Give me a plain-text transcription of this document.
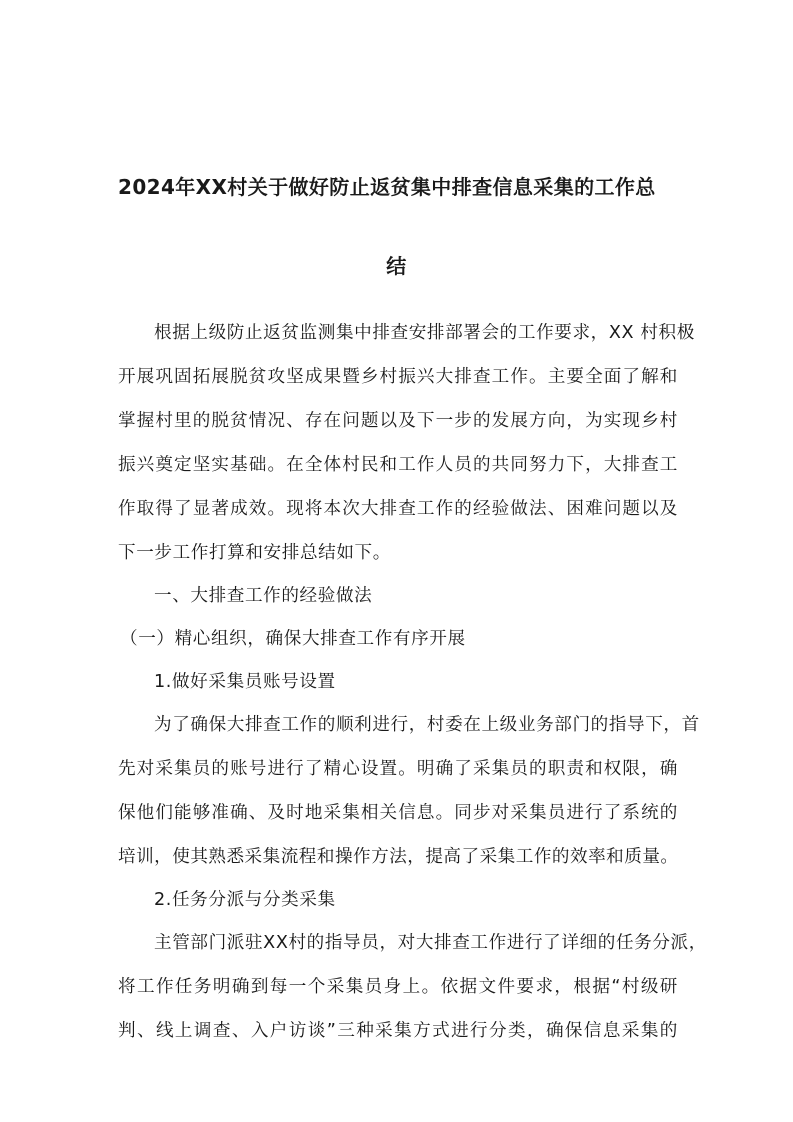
2024年XX村关于做好防止返贫集中排查信息采集的工作总
结
根据上级防止返贫监测集中排查安排部署会的工作要求，XX 村积极
开展巩固拓展脱贫攻坚成果暨乡村振兴大排查工作。主要全面了解和
掌握村里的脱贫情况、存在问题以及下一步的发展方向，为实现乡村
振兴奠定坚实基础。在全体村民和工作人员的共同努力下，大排查工
作取得了显著成效。现将本次大排查工作的经验做法、困难问题以及
下一步工作打算和安排总结如下。
一、大排查工作的经验做法
（一）精心组织，确保大排查工作有序开展
1.做好采集员账号设置
为了确保大排查工作的顺利进行，村委在上级业务部门的指导下，首
先对采集员的账号进行了精心设置。明确了采集员的职责和权限，确
保他们能够准确、及时地采集相关信息。同步对采集员进行了系统的
培训，使其熟悉采集流程和操作方法，提高了采集工作的效率和质量。
2.任务分派与分类采集
主管部门派驻XX村的指导员，对大排查工作进行了详细的任务分派，
将工作任务明确到每一个采集员身上。依据文件要求，根据“村级研
判、线上调查、入户访谈”三种采集方式进行分类，确保信息采集的
